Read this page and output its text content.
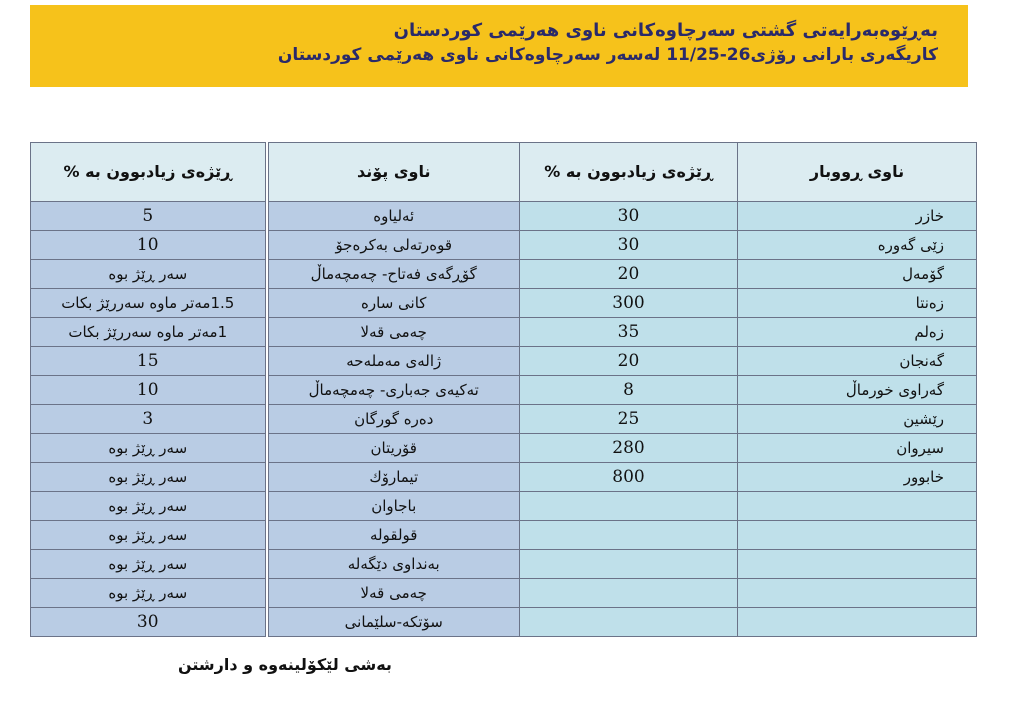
بەڕێوەبەرایەتی گشتی سەرچاوەکانی ناوی هەرێمی کوردستان
کاریگەری بارانی رۆژی26-11/25 لەسەر سەرچاوەکانی ناوی هەرێمی کوردستان
ڕێژەی زیادبوون بە %	ناوی پۆند	ڕێژەی زیادبوون بە %	ناوی ڕووبار
5	ئەلیاوە	30	خازر
10	قوەرتەلی بەکرەجۆ	30	زێی گەورە
سەر ڕێژ بوە	گۆڕگەی فەتاح- چەمچەماڵ	20	گۆمەل
1.5مەتر ماوە سەررێژ بکات	کانی سارە	300	زەنتا
1مەتر ماوە سەررێژ بکات	چەمی قەلا	35	زەلم
15	ژالەی مەملەحە	20	گەنجان
10	تەکیەی جەباری- چەمچەماڵ	8	گەراوی خورماڵ
3	دەرە گورگان	25	رێشین
سەر ڕێژ بوە	قۆریتان	280	سیروان
سەر ڕێژ بوە	تیمارۆك	800	خابوور
سەر ڕێژ بوە	باجاوان		
سەر ڕێژ بوە	قولقولە		
سەر ڕێژ بوە	بەنداوی دێگەلە		
سەر ڕێژ بوە	چەمی قەلا		
30	سۆتکە-سلێمانی		
بەشی لێکۆلینەوە و دارشتن
